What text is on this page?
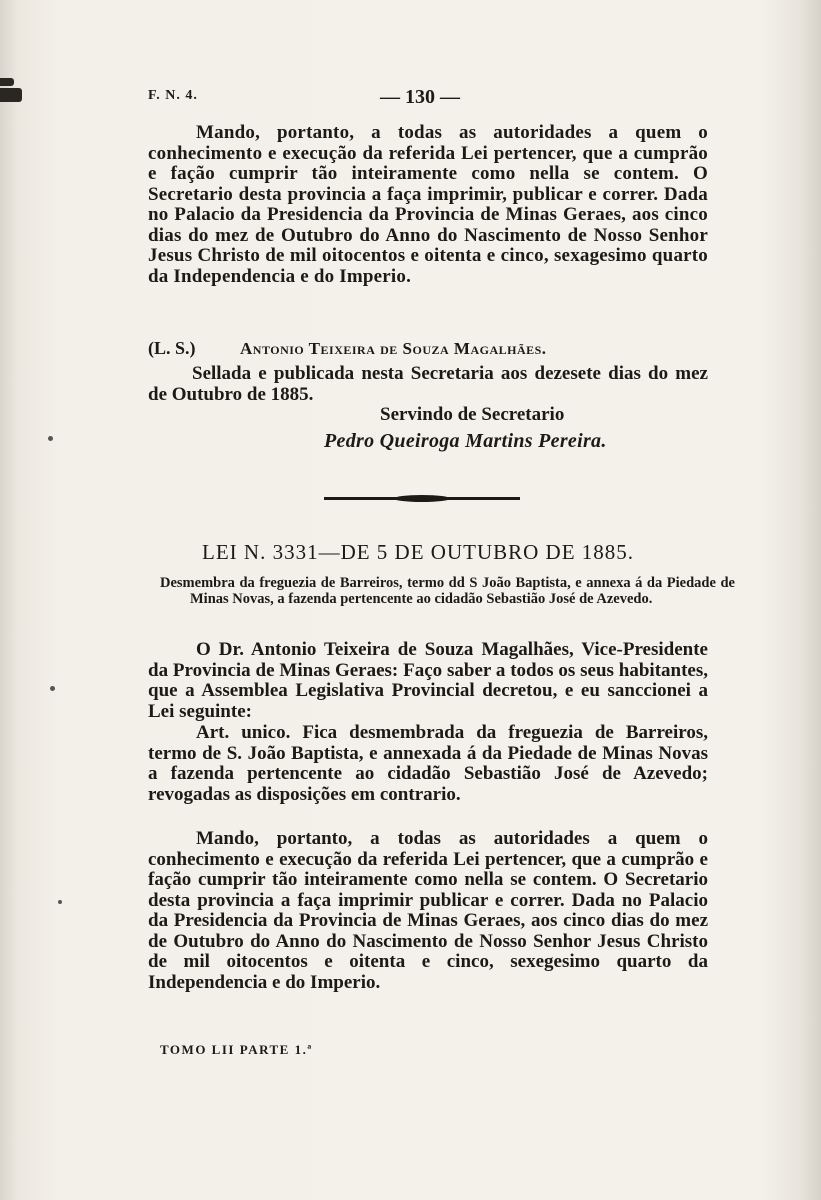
F. N. 4.	— 130 —
Mando, portanto, a todas as autoridades a quem o conhecimento e execução da referida Lei pertencer, que a cumprão e fação cumprir tão inteiramente como nella se contem. O Secretario desta provincia a faça imprimir, publicar e correr. Dada no Palacio da Presidencia da Provincia de Minas Geraes, aos cinco dias do mez de Outubro do Anno do Nascimento de Nosso Senhor Jesus Christo de mil oitocentos e oitenta e cinco, sexagesimo quarto da Independencia e do Imperio.
(L. S.)	Antonio Teixeira de Souza Magalhães.
Sellada e publicada nesta Secretaria aos dezesete dias do mez de Outubro de 1885.
Servindo de Secretario
Pedro Queiroga Martins Pereira.
LEI N. 3331—DE 5 DE OUTUBRO DE 1885.
Desmembra da freguezia de Barreiros, termo dd S João Baptista, e annexa á da Piedade de Minas Novas, a fazenda pertencente ao cidadão Sebastião José de Azevedo.
O Dr. Antonio Teixeira de Souza Magalhães, Vice-Presidente da Provincia de Minas Geraes: Faço saber a todos os seus habitantes, que a Assemblea Legislativa Provincial decretou, e eu sanccionei a Lei seguinte:
Art. unico. Fica desmembrada da freguezia de Barreiros, termo de S. João Baptista, e annexada á da Piedade de Minas Novas a fazenda pertencente ao cidadão Sebastião José de Azevedo; revogadas as disposições em contrario.
Mando, portanto, a todas as autoridades a quem o conhecimento e execução da referida Lei pertencer, que a cumprão e fação cumprir tão inteiramente como nella se contem. O Secretario desta provincia a faça imprimir publicar e correr. Dada no Palacio da Presidencia da Provincia de Minas Geraes, aos cinco dias do mez de Outubro do Anno do Nascimento de Nosso Senhor Jesus Christo de mil oitocentos e oitenta e cinco, sexegesimo quarto da Independencia e do Imperio.
TOMO LII PARTE 1.ª
